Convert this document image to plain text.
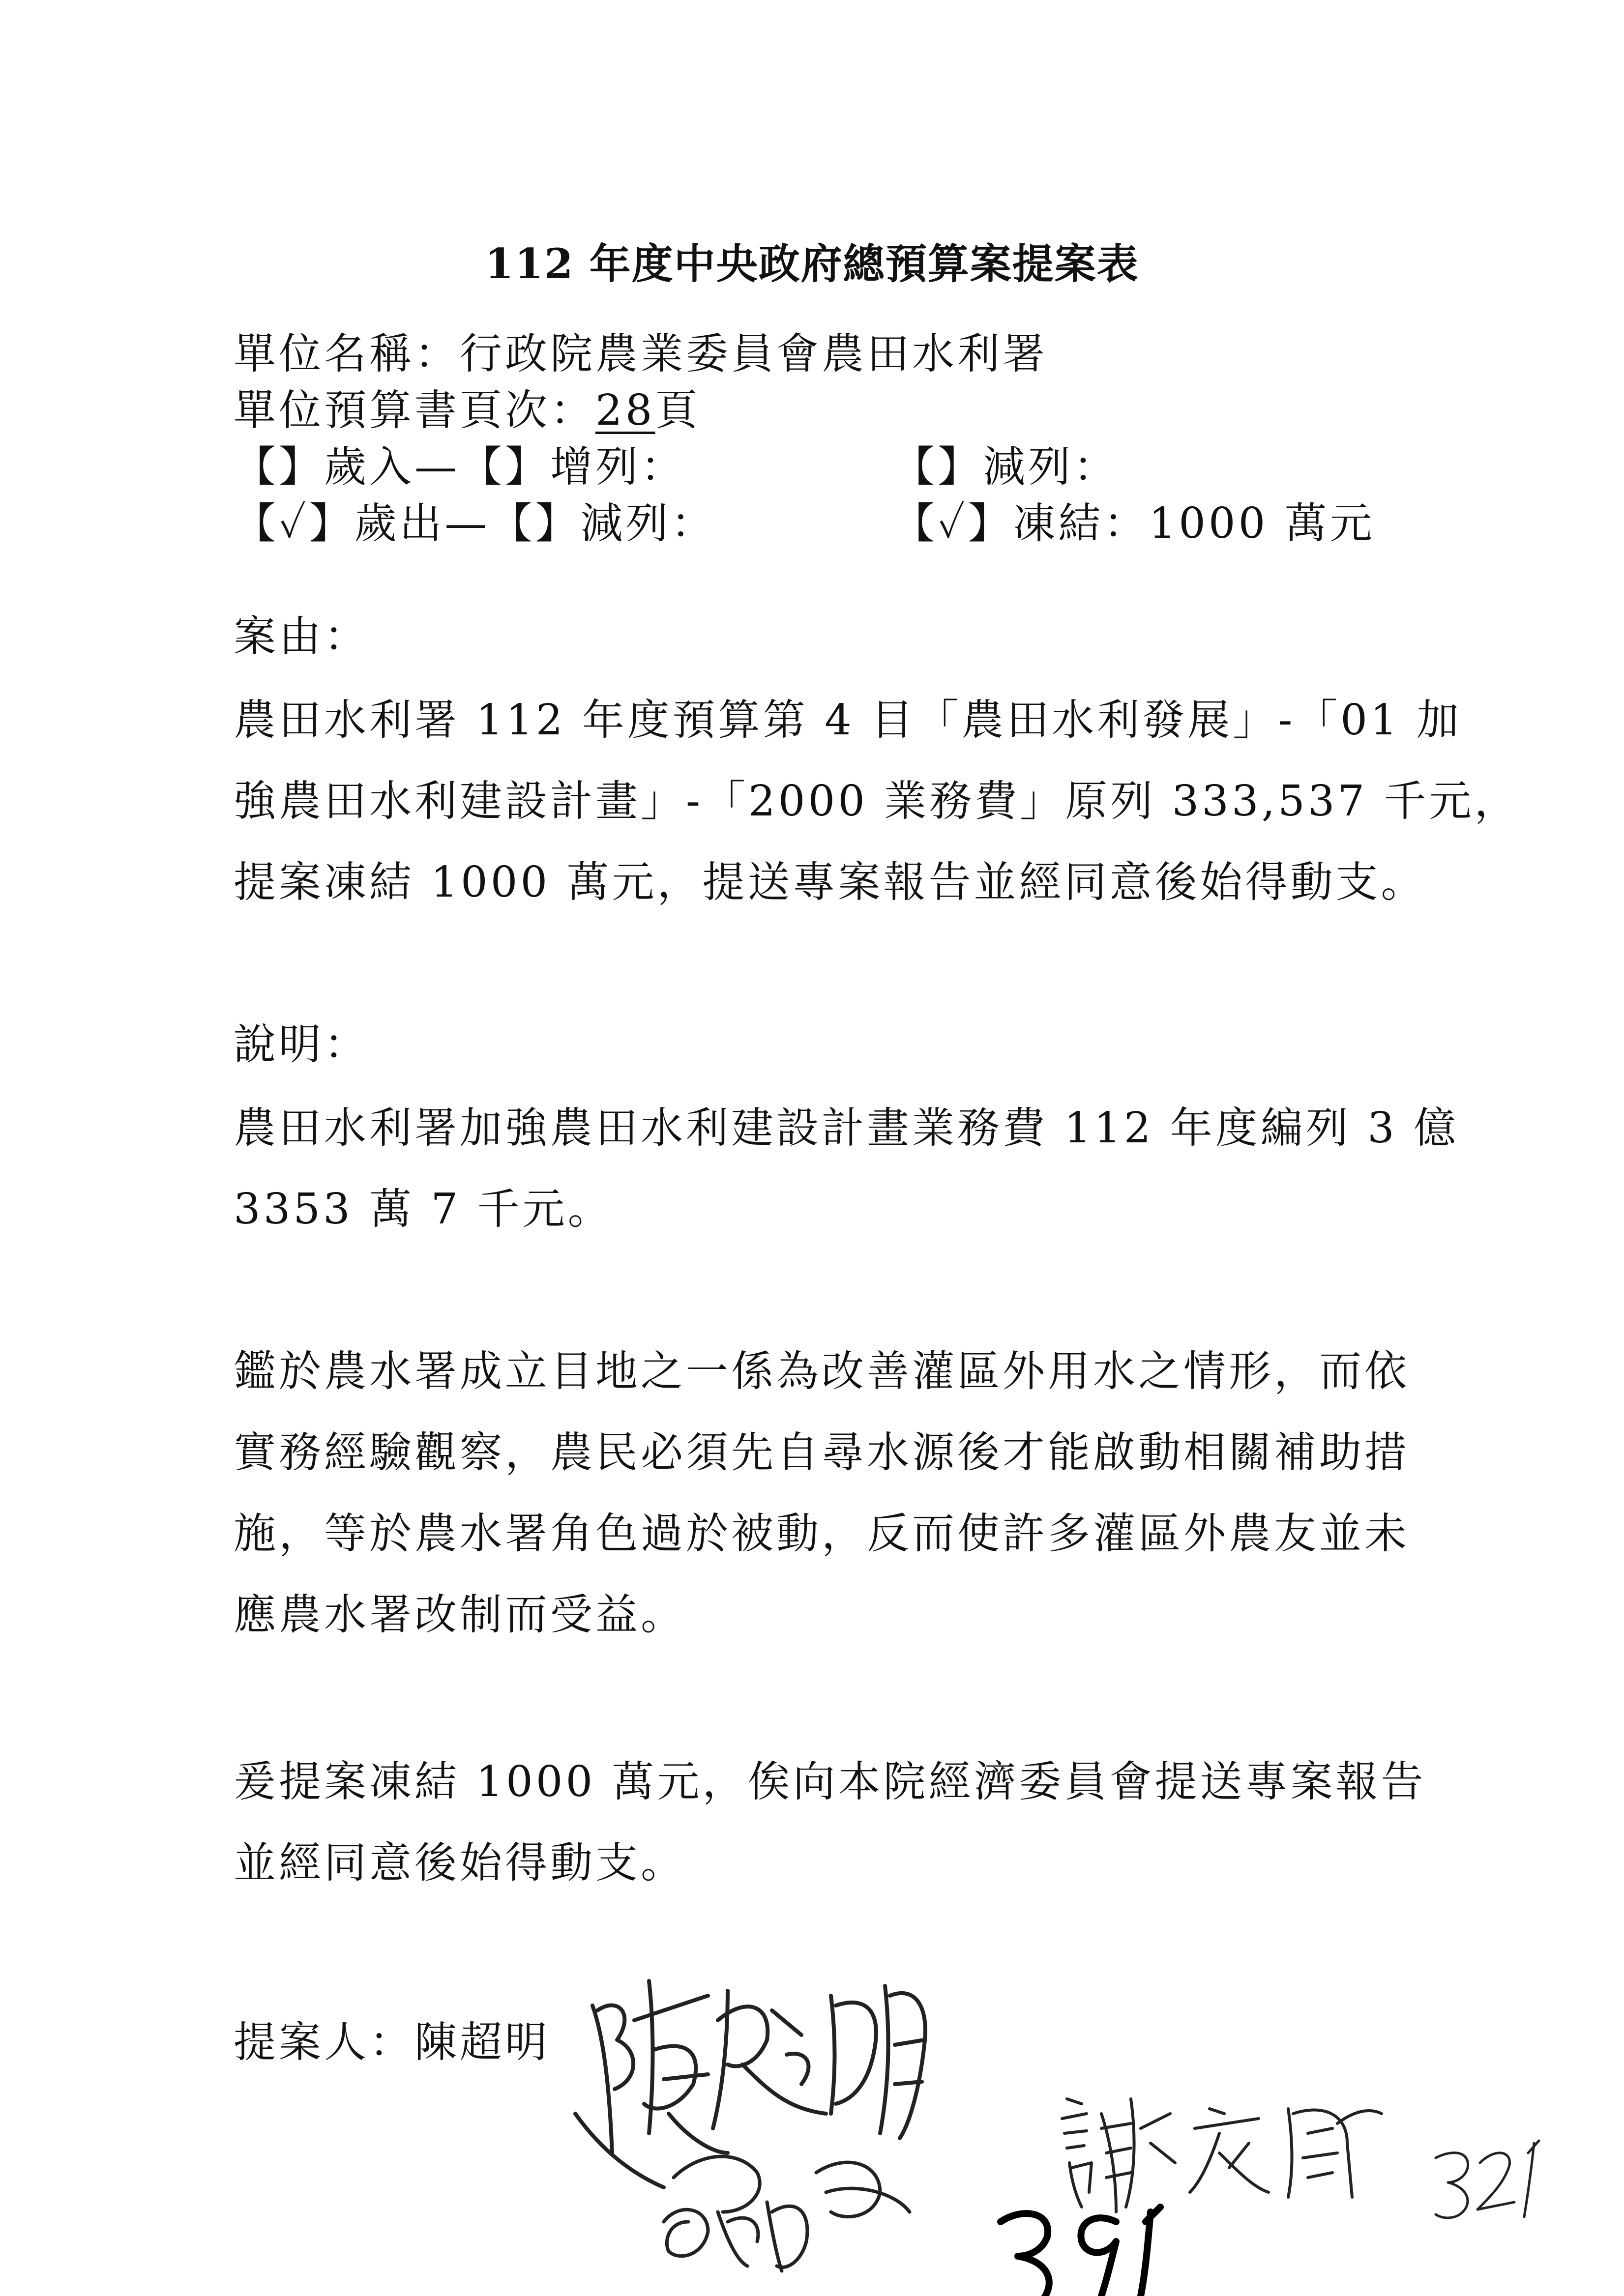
112 年度中央政府總預算案提案表
單位名稱：行政院農業委員會農田水利署
單位預算書頁次：28頁
【】歲入—【】增列：	【】減列：
【✓】歲出—【】減列：	【✓】凍結：1000 萬元
案由：
農田水利署 112 年度預算第 4 目「農田水利發展」-「01 加
強農田水利建設計畫」-「2000 業務費」原列 333,537 千元，
提案凍結 1000 萬元，提送專案報告並經同意後始得動支。
說明：
農田水利署加強農田水利建設計畫業務費 112 年度編列 3 億
3353 萬 7 千元。
鑑於農水署成立目地之一係為改善灌區外用水之情形，而依
實務經驗觀察，農民必須先自尋水源後才能啟動相關補助措
施，等於農水署角色過於被動，反而使許多灌區外農友並未
應農水署改制而受益。
爰提案凍結 1000 萬元，俟向本院經濟委員會提送專案報告
並經同意後始得動支。
提案人：陳超明
